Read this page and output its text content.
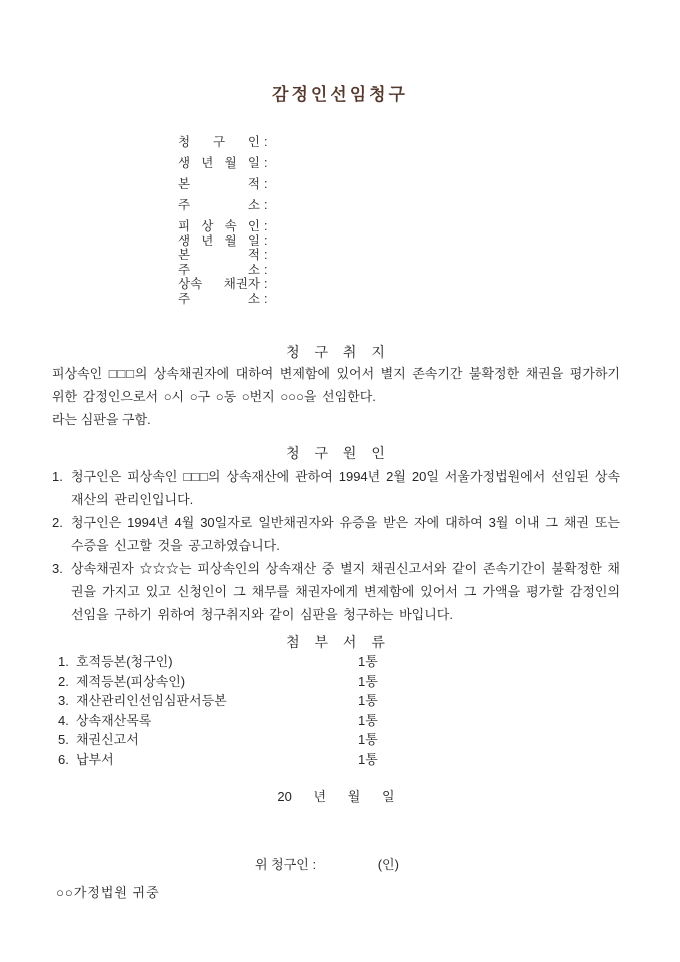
감정인선임청구
청 구 인 :
생 년 월 일 :
본 적 :
주 소 :
피 상 속 인 :
생 년 월 일 :
본 적 :
주 소 :
상속 채권자 :
주 소 :
청 구 취 지
피상속인 □□□의 상속채권자에 대하여 변제함에 있어서 별지 존속기간 불확정한 채권을 평가하기 위한 감정인으로서 ○시 ○구 ○동 ○번지 ○○○을 선임한다.
라는 심판을 구함.
청 구 원 인
1. 청구인은 피상속인 □□□의 상속재산에 관하여 1994년 2월 20일 서울가정법원에서 선임된 상속재산의 관리인입니다.
2. 청구인은 1994년 4월 30일자로 일반채권자와 유증을 받은 자에 대하여 3월 이내 그 채권 또는 수증을 신고할 것을 공고하였습니다.
3. 상속채권자 ☆☆☆는 피상속인의 상속재산 중 별지 채권신고서와 같이 존속기간이 불확정한 채권을 가지고 있고 신청인이 그 채무를 채권자에게 변제함에 있어서 그 가액을 평가할 감정인의 선임을 구하기 위하여 청구취지와 같이 심판을 청구하는 바입니다.
첨 부 서 류
1. 호적등본(청구인)	1통
2. 제적등본(피상속인)	1통
3. 재산관리인선임심판서등본	1통
4. 상속재산목록	1통
5. 채권신고서	1통
6. 납부서	1통
20      년      월      일
위 청구인 :	(인)
○○가정법원 귀중
